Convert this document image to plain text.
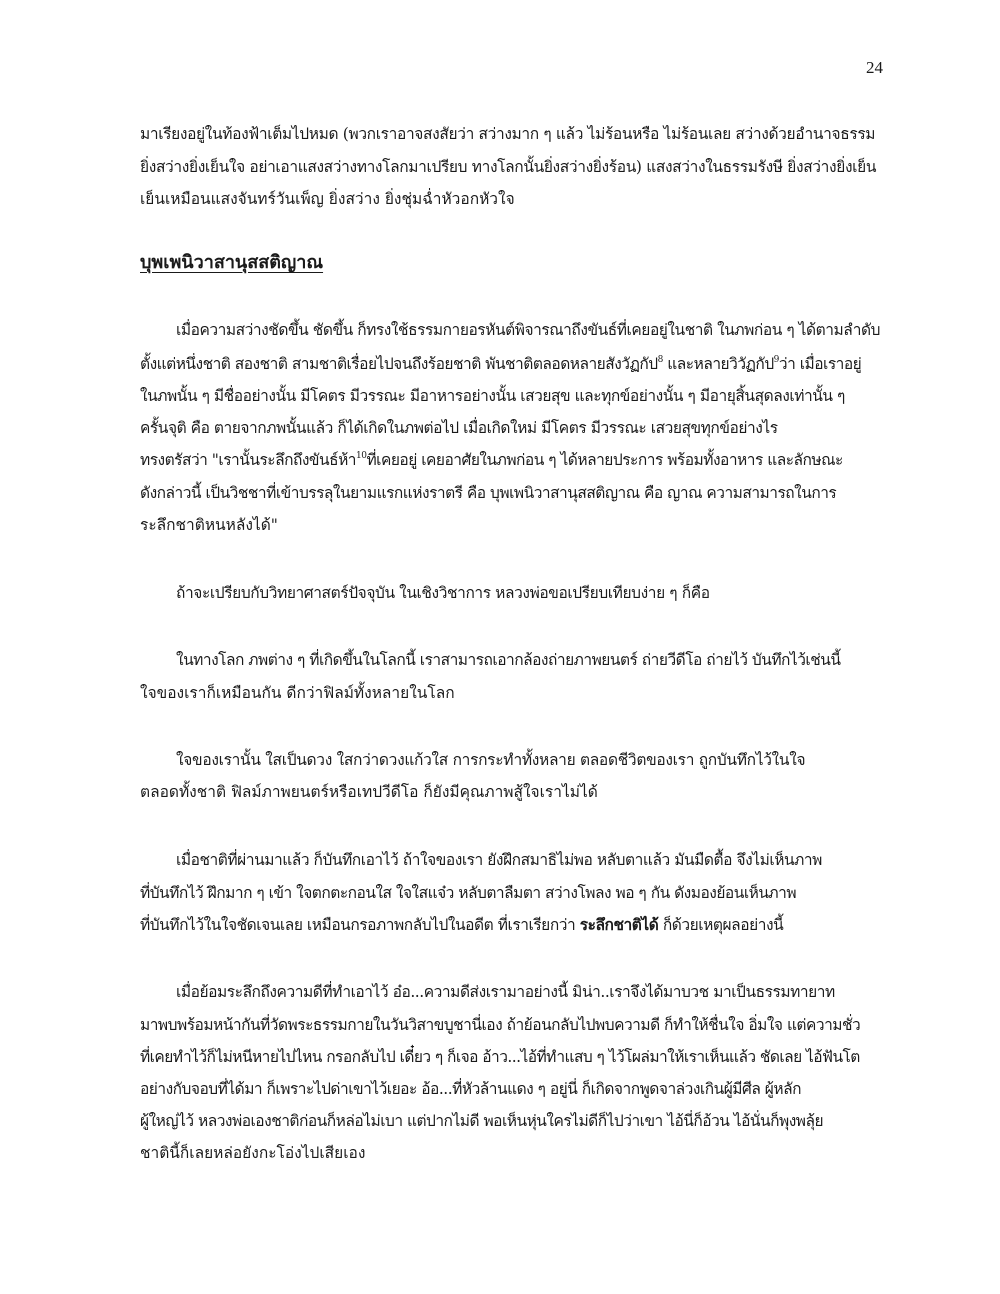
24
มาเรียงอยู่ในท้องฟ้าเต็มไปหมด (พวกเราอาจสงสัยว่า สว่างมาก ๆ แล้ว ไม่ร้อนหรือ ไม่ร้อนเลย สว่างด้วยอำนาจธรรม
ยิ่งสว่างยิ่งเย็นใจ อย่าเอาแสงสว่างทางโลกมาเปรียบ ทางโลกนั้นยิ่งสว่างยิ่งร้อน) แสงสว่างในธรรมรังษี ยิ่งสว่างยิ่งเย็น
เย็นเหมือนแสงจันทร์วันเพ็ญ ยิ่งสว่าง ยิ่งชุ่มฉ่ำหัวอกหัวใจ
บุพเพนิวาสานุสสติญาณ
เมื่อความสว่างชัดขึ้น ชัดขึ้น ก็ทรงใช้ธรรมกายอรหันต์พิจารณาถึงขันธ์ที่เคยอยู่ในชาติ ในภพก่อน ๆ ได้ตามลำดับ
ตั้งแต่หนึ่งชาติ สองชาติ สามชาติเรื่อยไปจนถึงร้อยชาติ พันชาติตลอดหลายสังวัฏกัป$^8$ และหลายวิวัฏกัป$^9$ว่า เมื่อเราอยู่
ในภพนั้น ๆ มีชื่ออย่างนั้น มีโคตร มีวรรณะ มีอาหารอย่างนั้น เสวยสุข และทุกข์อย่างนั้น ๆ มีอายุสิ้นสุดลงเท่านั้น ๆ
ครั้นจุติ คือ ตายจากภพนั้นแล้ว ก็ได้เกิดในภพต่อไป เมื่อเกิดใหม่ มีโคตร มีวรรณะ เสวยสุขทุกข์อย่างไร
ทรงตรัสว่า "เรานั้นระลึกถึงขันธ์ห้า$^{10}$ที่เคยอยู่ เคยอาศัยในภพก่อน ๆ ได้หลายประการ พร้อมทั้งอาหาร และลักษณะ
ดังกล่าวนี้ เป็นวิชชาที่เข้าบรรลุในยามแรกแห่งราตรี คือ บุพเพนิวาสานุสสติญาณ คือ ญาณ ความสามารถในการ
ระลึกชาติหนหลังได้"
ถ้าจะเปรียบกับวิทยาศาสตร์ปัจจุบัน ในเชิงวิชาการ หลวงพ่อขอเปรียบเทียบง่าย ๆ ก็คือ
ในทางโลก ภพต่าง ๆ ที่เกิดขึ้นในโลกนี้ เราสามารถเอากล้องถ่ายภาพยนตร์ ถ่ายวีดีโอ ถ่ายไว้ บันทึกไว้เช่นนี้
ใจของเราก็เหมือนกัน ดีกว่าฟิลม์ทั้งหลายในโลก
ใจของเรานั้น ใสเป็นดวง ใสกว่าดวงแก้วใส การกระทำทั้งหลาย ตลอดชีวิตของเรา ถูกบันทึกไว้ในใจ
ตลอดทั้งชาติ ฟิลม์ภาพยนตร์หรือเทปวีดีโอ ก็ยังมีคุณภาพสู้ใจเราไม่ได้
เมื่อชาติที่ผ่านมาแล้ว ก็บันทึกเอาไว้ ถ้าใจของเรา ยังฝึกสมาธิไม่พอ หลับตาแล้ว มันมืดตื้อ จึงไม่เห็นภาพ
ที่บันทึกไว้ ฝึกมาก ๆ เข้า ใจตกตะกอนใส ใจใสแจ๋ว หลับตาลืมตา สว่างโพลง พอ ๆ กัน ดังมองย้อนเห็นภาพ
ที่บันทึกไว้ในใจชัดเจนเลย เหมือนกรอภาพกลับไปในอดีต ที่เราเรียกว่า ระลึกชาติได้ ก็ด้วยเหตุผลอย่างนี้
เมื่อย้อมระลึกถึงความดีที่ทำเอาไว้ อ๋อ...ความดีส่งเรามาอย่างนี้ มิน่า..เราจึงได้มาบวช มาเป็นธรรมทายาท
มาพบพร้อมหน้ากันที่วัดพระธรรมกายในวันวิสาขบูชานี่เอง ถ้าย้อนกลับไปพบความดี ก็ทำให้ชื่นใจ อิ่มใจ แต่ความชั่ว
ที่เคยทำไว้ก็ไม่หนีหายไปไหน กรอกลับไป เดี๋ยว ๆ ก็เจอ อ้าว...ไอ้ที่ทำแสบ ๆ ไว้โผล่มาให้เราเห็นแล้ว ชัดเลย ไอ้ฟันโต
อย่างกับจอบที่ได้มา ก็เพราะไปด่าเขาไว้เยอะ อ้อ...ที่หัวล้านแดง ๆ อยู่นี่ ก็เกิดจากพูดจาล่วงเกินผู้มีศีล ผู้หลัก
ผู้ใหญ่ไว้ หลวงพ่อเองชาติก่อนก็หล่อไม่เบา แต่ปากไม่ดี พอเห็นหุ่นใครไม่ดีก็ไปว่าเขา ไอ้นี่ก็อ้วน ไอ้นั่นก็พุงพลุ้ย
ชาตินี้ก็เลยหล่อยังกะโอ่งไปเสียเอง
